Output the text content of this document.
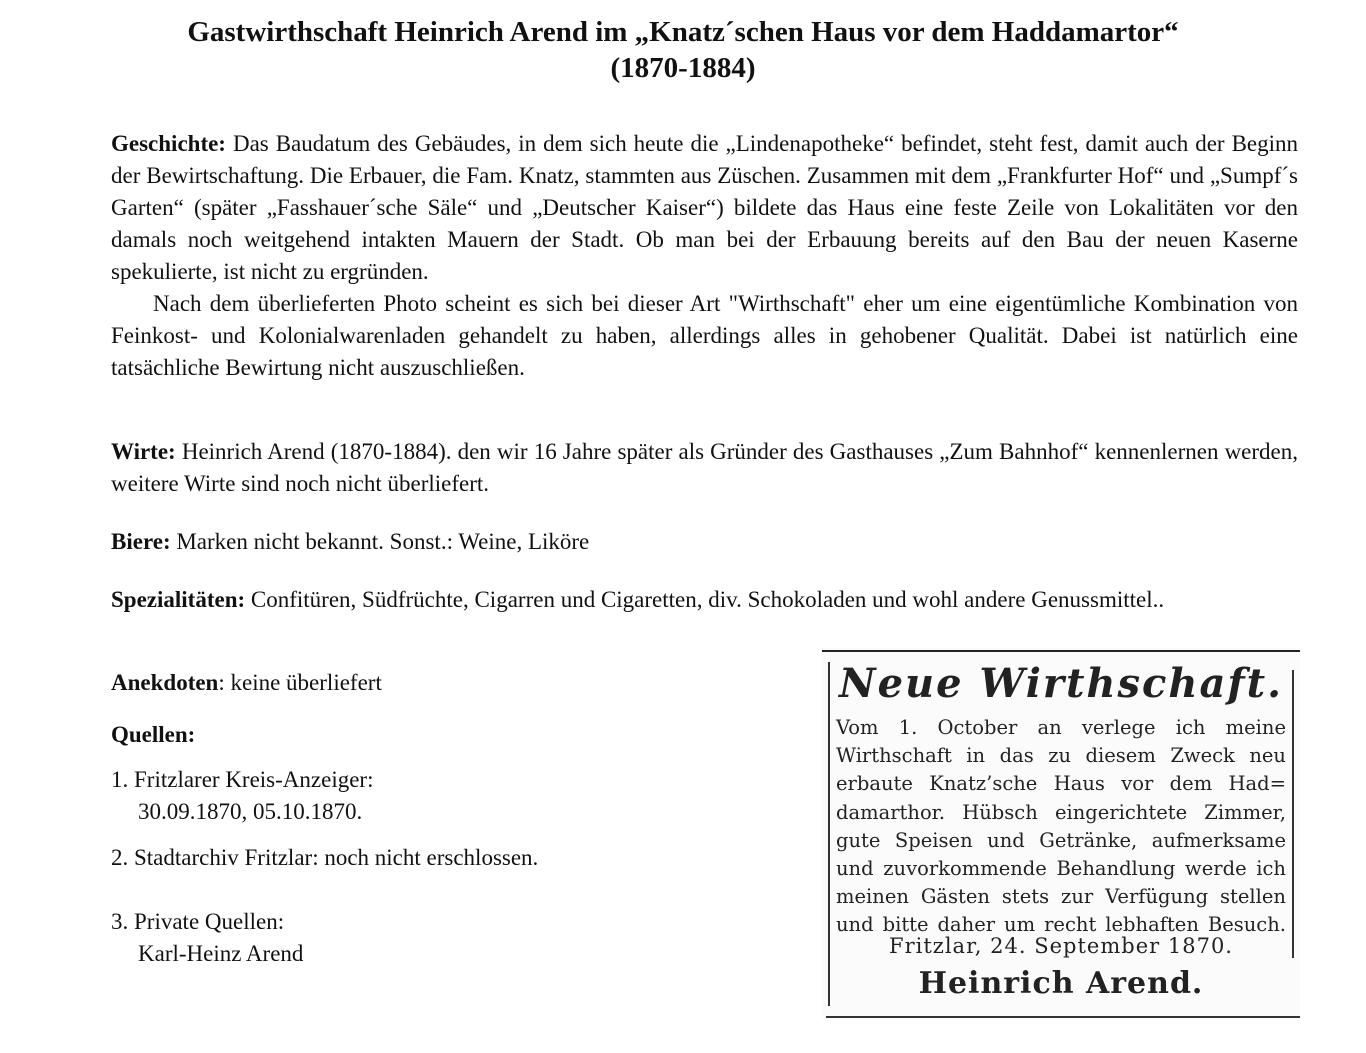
Gastwirthschaft Heinrich Arend im „Knatz´schen Haus vor dem Haddamartor“
(1870-1884)
Geschichte: Das Baudatum des Gebäudes, in dem sich heute die „Lindenapotheke“ befindet, steht fest, damit auch der Beginn der Bewirtschaftung. Die Erbauer, die Fam. Knatz, stammten aus Züschen. Zusammen mit dem „Frankfurter Hof“ und „Sumpf´s Garten“ (später „Fasshauer´sche Säle“ und „Deutscher Kaiser“) bildete das Haus eine feste Zeile von Lokalitäten vor den damals noch weitgehend intakten Mauern der Stadt. Ob man bei der Erbauung bereits auf den Bau der neuen Kaserne spekulierte, ist nicht zu ergründen.
Nach dem überlieferten Photo scheint es sich bei dieser Art "Wirthschaft" eher um eine eigentümliche Kombination von Feinkost- und Kolonialwarenladen gehandelt zu haben, allerdings alles in gehobener Qualität. Dabei ist natürlich eine tatsächliche Bewirtung nicht auszuschließen.
Wirte: Heinrich Arend (1870-1884). den wir 16 Jahre später als Gründer des Gasthauses „Zum Bahnhof“ kennenlernen werden, weitere Wirte sind noch nicht überliefert.
Biere: Marken nicht bekannt. Sonst.: Weine, Liköre
Spezialitäten: Confitüren, Südfrüchte, Cigarren und Cigaretten, div. Schokoladen und wohl andere Genussmittel..
Anekdoten: keine überliefert
Quellen:
1. Fritzlarer Kreis-Anzeiger:
30.09.1870, 05.10.1870.
2. Stadtarchiv Fritzlar: noch nicht erschlossen.
3. Private Quellen:
Karl-Heinz Arend
Neue Wirthschaft.
Vom 1. October an verlege ich meine
Wirthschaft in das zu diesem Zweck neu
erbaute Knatz’sche Haus vor dem Had=
damarthor. Hübsch eingerichtete Zimmer,
gute Speisen und Getränke, aufmerksame
und zuvorkommende Behandlung werde ich
meinen Gästen stets zur Verfügung stellen
und bitte daher um recht lebhaften Besuch.
Fritzlar, 24. September 1870.
Heinrich Arend.
